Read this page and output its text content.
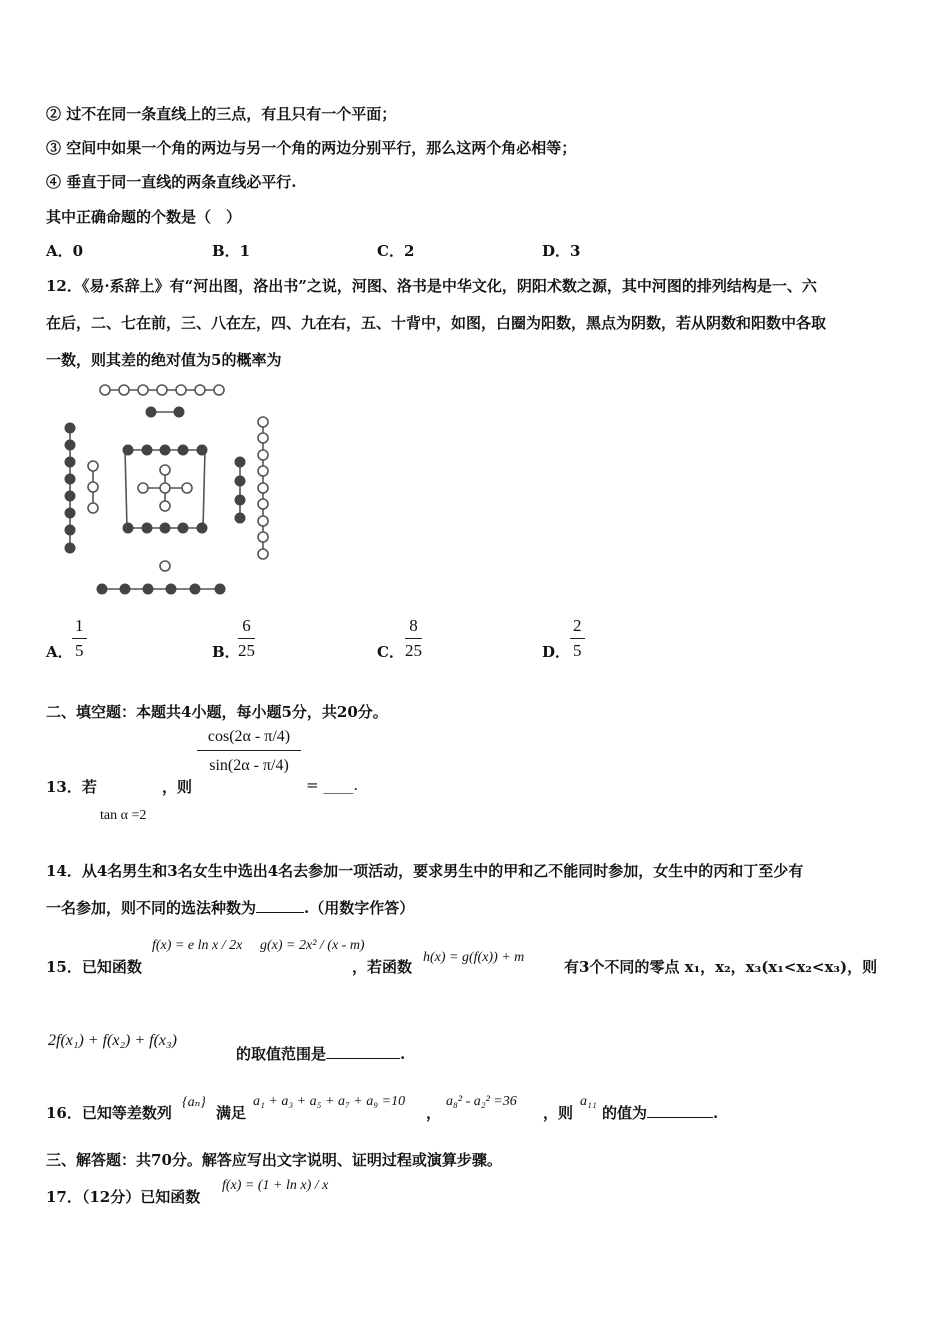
② 过不在同一条直线上的三点，有且只有一个平面；
③ 空间中如果一个角的两边与另一个角的两边分别平行，那么这两个角必相等；
④ 垂直于同一直线的两条直线必平行.
其中正确命题的个数是（　）
A．0	B．1	C．2	D．3
12．《易·系辞上》有“河出图，洛出书”之说，河图、洛书是中华文化，阴阳术数之源，其中河图的排列结构是一、六
在后，二、七在前，三、八在左，四、九在右，五、十背中，如图，白圈为阳数，黑点为阴数，若从阴数和阳数中各取
一数，则其差的绝对值为5的概率为
A． $\frac{1}{5}$	B．
$\frac{6}{25}$	C． $\frac{8}{25}$	D． $\frac{2}{5}$
二、填空题：本题共4小题，每小题5分，共20分。
13．若
tan α =2
，则
$\frac{\cos(2\alpha - \pi/4)}{\sin(2\alpha - \pi/4)}$
= ____.
14．从4名男生和3名女生中选出4名去参加一项活动，要求男生中的甲和乙不能同时参加，女生中的丙和丁至少有
一名参加，则不同的选法种数为	.（用数字作答）
15．已知函数
f(x) = e ln x / 2x g(x) = 2x² / (x - m)
，若函数
h(x) = g(f(x)) + m
有3个不同的零点 x₁，x₂，x₃(x₁<x₂<x₃)，则
2f(x₁) + f(x₂) + f(x₃)
的取值范围是	.
16．已知等差数列
{aₙ}
满足
a₁ + a₃ + a₅ + a₇ + a₉ =10
，
a₈² - a₂² =36
，则
a₁₁
的值为	.
三、解答题：共70分。解答应写出文字说明、证明过程或演算步骤。
17．（12分）已知函数
f(x) = (1 + ln x) / x
